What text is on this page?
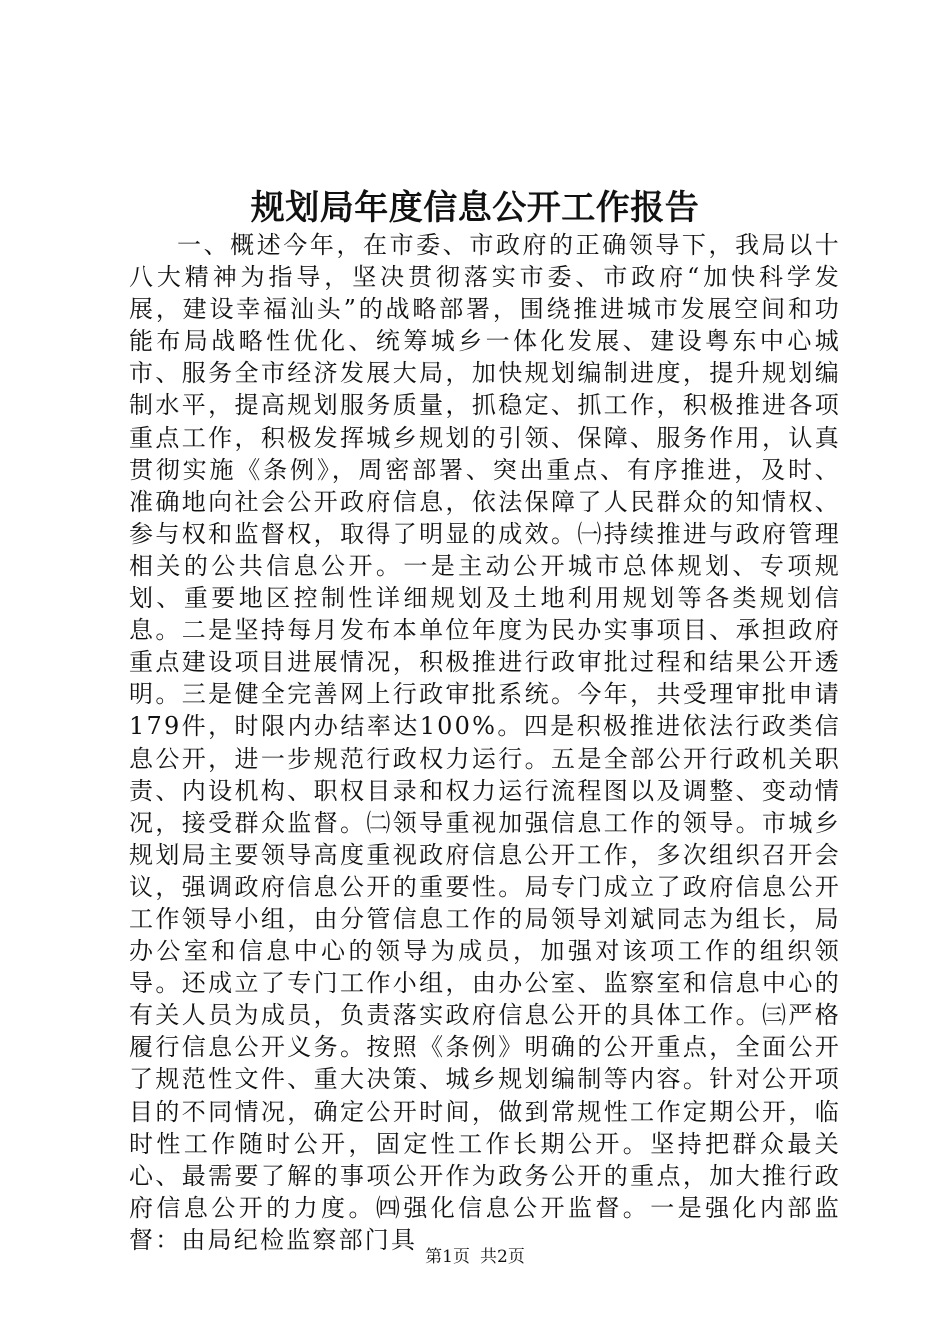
规划局年度信息公开工作报告
一、概述今年，在市委、市政府的正确领导下，我局以十八大精神为指导，坚决贯彻落实市委、市政府“加快科学发展，建设幸福汕头”的战略部署，围绕推进城市发展空间和功能布局战略性优化、统筹城乡一体化发展、建设粤东中心城市、服务全市经济发展大局，加快规划编制进度，提升规划编制水平，提高规划服务质量，抓稳定、抓工作，积极推进各项重点工作，积极发挥城乡规划的引领、保障、服务作用，认真贯彻实施《条例》，周密部署、突出重点、有序推进，及时、准确地向社会公开政府信息，依法保障了人民群众的知情权、参与权和监督权，取得了明显的成效。㈠持续推进与政府管理相关的公共信息公开。一是主动公开城市总体规划、专项规划、重要地区控制性详细规划及土地利用规划等各类规划信息。二是坚持每月发布本单位年度为民办实事项目、承担政府重点建设项目进展情况，积极推进行政审批过程和结果公开透明。三是健全完善网上行政审批系统。今年，共受理审批申请179件，时限内办结率达100%。四是积极推进依法行政类信息公开，进一步规范行政权力运行。五是全部公开行政机关职责、内设机构、职权目录和权力运行流程图以及调整、变动情况，接受群众监督。㈡领导重视加强信息工作的领导。市城乡规划局主要领导高度重视政府信息公开工作，多次组织召开会议，强调政府信息公开的重要性。局专门成立了政府信息公开工作领导小组，由分管信息工作的局领导刘斌同志为组长，局办公室和信息中心的领导为成员，加强对该项工作的组织领导。还成立了专门工作小组，由办公室、监察室和信息中心的有关人员为成员，负责落实政府信息公开的具体工作。㈢严格履行信息公开义务。按照《条例》明确的公开重点，全面公开了规范性文件、重大决策、城乡规划编制等内容。针对公开项目的不同情况，确定公开时间，做到常规性工作定期公开，临时性工作随时公开，固定性工作长期公开。坚持把群众最关心、最需要了解的事项公开作为政务公开的重点，加大推行政府信息公开的力度。㈣强化信息公开监督。一是强化内部监督：由局纪检监察部门具
第1页 共2页
